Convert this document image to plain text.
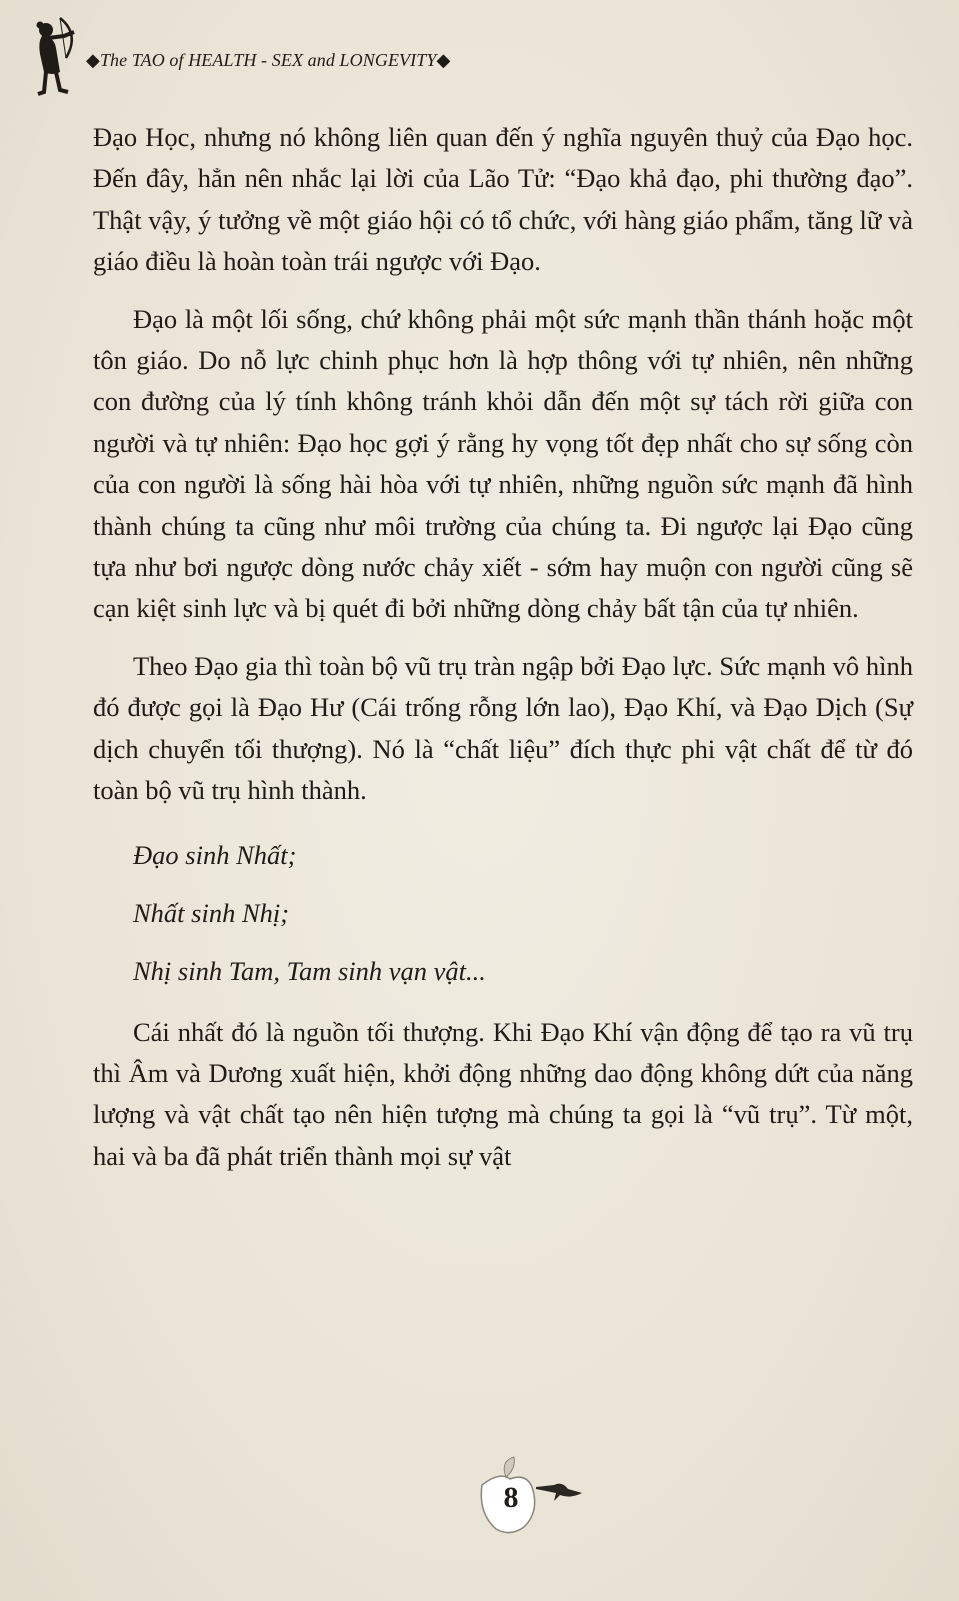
◆The TAO of HEALTH - SEX and LONGEVITY◆

Đạo Học, nhưng nó không liên quan đến ý nghĩa nguyên thuỷ của Đạo học. Đến đây, hẳn nên nhắc lại lời của Lão Tử: “Đạo khả đạo, phi thường đạo”. Thật vậy, ý tưởng về một giáo hội có tổ chức, với hàng giáo phẩm, tăng lữ và giáo điều là hoàn toàn trái ngược với Đạo.

Đạo là một lối sống, chứ không phải một sức mạnh thần thánh hoặc một tôn giáo. Do nỗ lực chinh phục hơn là hợp thông với tự nhiên, nên những con đường của lý tính không tránh khỏi dẫn đến một sự tách rời giữa con người và tự nhiên: Đạo học gợi ý rằng hy vọng tốt đẹp nhất cho sự sống còn của con người là sống hài hòa với tự nhiên, những nguồn sức mạnh đã hình thành chúng ta cũng như môi trường của chúng ta. Đi ngược lại Đạo cũng tựa như bơi ngược dòng nước chảy xiết - sớm hay muộn con người cũng sẽ cạn kiệt sinh lực và bị quét đi bởi những dòng chảy bất tận của tự nhiên.

Theo Đạo gia thì toàn bộ vũ trụ tràn ngập bởi Đạo lực. Sức mạnh vô hình đó được gọi là Đạo Hư (Cái trống rỗng lớn lao), Đạo Khí, và Đạo Dịch (Sự dịch chuyển tối thượng). Nó là “chất liệu” đích thực phi vật chất để từ đó toàn bộ vũ trụ hình thành.

Đạo sinh Nhất;
Nhất sinh Nhị;
Nhị sinh Tam, Tam sinh vạn vật...

Cái nhất đó là nguồn tối thượng. Khi Đạo Khí vận động để tạo ra vũ trụ thì Âm và Dương xuất hiện, khởi động những dao động không dứt của năng lượng và vật chất tạo nên hiện tượng mà chúng ta gọi là “vũ trụ”. Từ một, hai và ba đã phát triển thành mọi sự vật

8
